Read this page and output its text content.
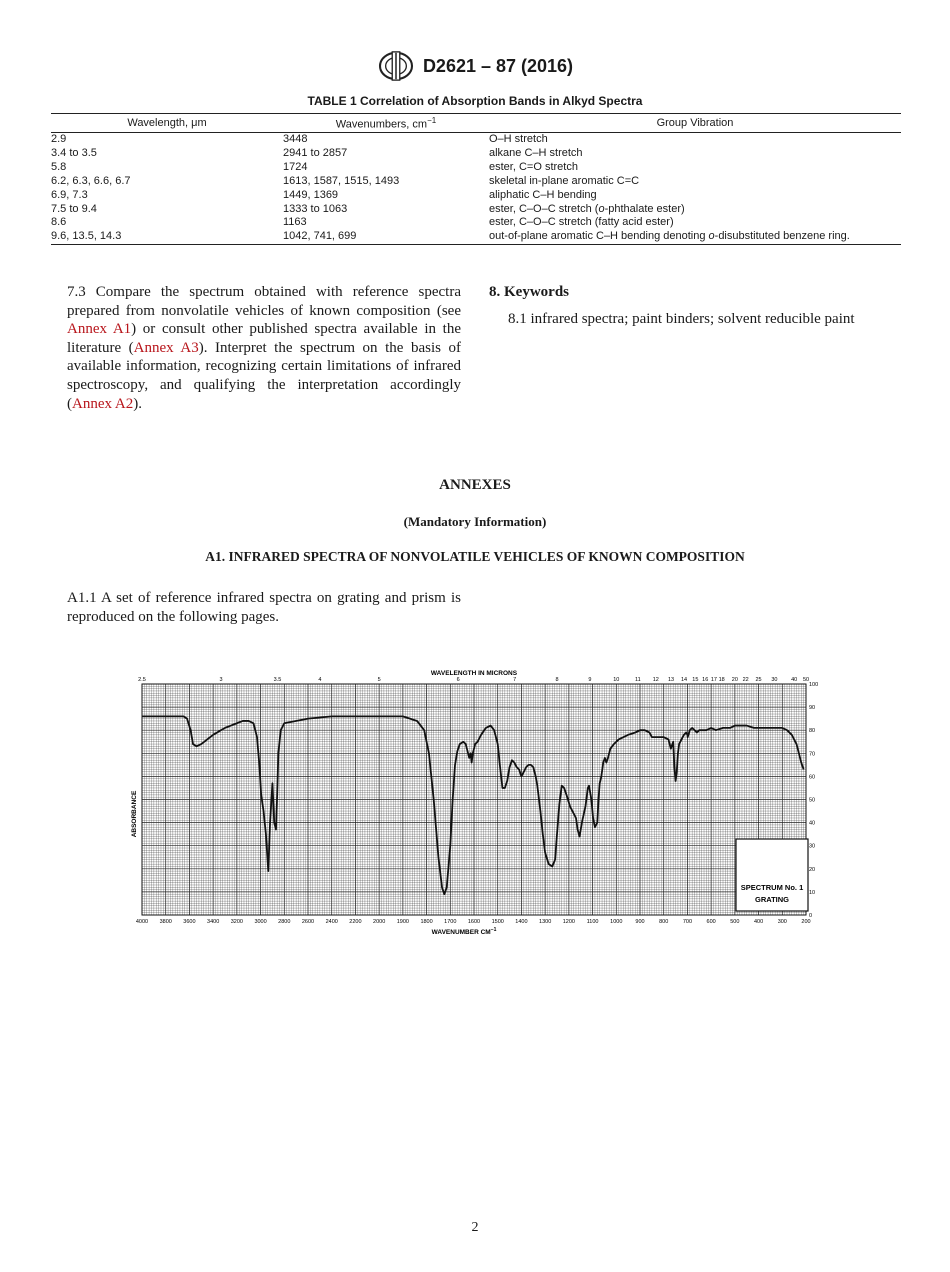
D2621 – 87 (2016)
TABLE 1 Correlation of Absorption Bands in Alkyd Spectra
Wavelength, μm	Wavenumbers, $cm^{-1}$	Group Vibration
2.9	3448	O–H stretch
3.4 to 3.5	2941 to 2857	alkane C–H stretch
5.8	1724	ester, C=O stretch
6.2, 6.3, 6.6, 6.7	1613, 1587, 1515, 1493	skeletal in-plane aromatic C=C
6.9, 7.3	1449, 1369	aliphatic C–H bending
7.5 to 9.4	1333 to 1063	ester, C–O–C stretch (o-phthalate ester)
8.6	1163	ester, C–O–C stretch (fatty acid ester)
9.6, 13.5, 14.3	1042, 741, 699	out-of-plane aromatic C–H bending denoting o-disubstituted benzene ring.
7.3 Compare the spectrum obtained with reference spectra prepared from nonvolatile vehicles of known composition (see Annex A1) or consult other published spectra available in the literature (Annex A3). Interpret the spectrum on the basis of available information, recognizing certain limitations of infrared spectroscopy, and qualifying the interpretation accordingly (Annex A2).
8. Keywords
8.1 infrared spectra; paint binders; solvent reducible paint
ANNEXES
(Mandatory Information)
A1. INFRARED SPECTRA OF NONVOLATILE VEHICLES OF KNOWN COMPOSITION
A1.1 A set of reference infrared spectra on grating and prism is reproduced on the following pages.
SPECTRUM No. 1
GRATING
4000 3800 3600 3400 3200 3000 2800 2600 2400 2200 2000 1900 1800 1700 1600 1500 1400 1300 1200 1100 1000 900	800	700	600	500	400	300	200
2.5	3	3.5	4	5	6	7	8	9	10	11 12 13 14 15 16 17 18 20 22 25 30 40 50
100
90
80
70
60
50
40
30
20
10
0
WAVELENGTH IN MICRONS
WAVENUMBER $CM^{-1}$
ABSORBANCE
2
